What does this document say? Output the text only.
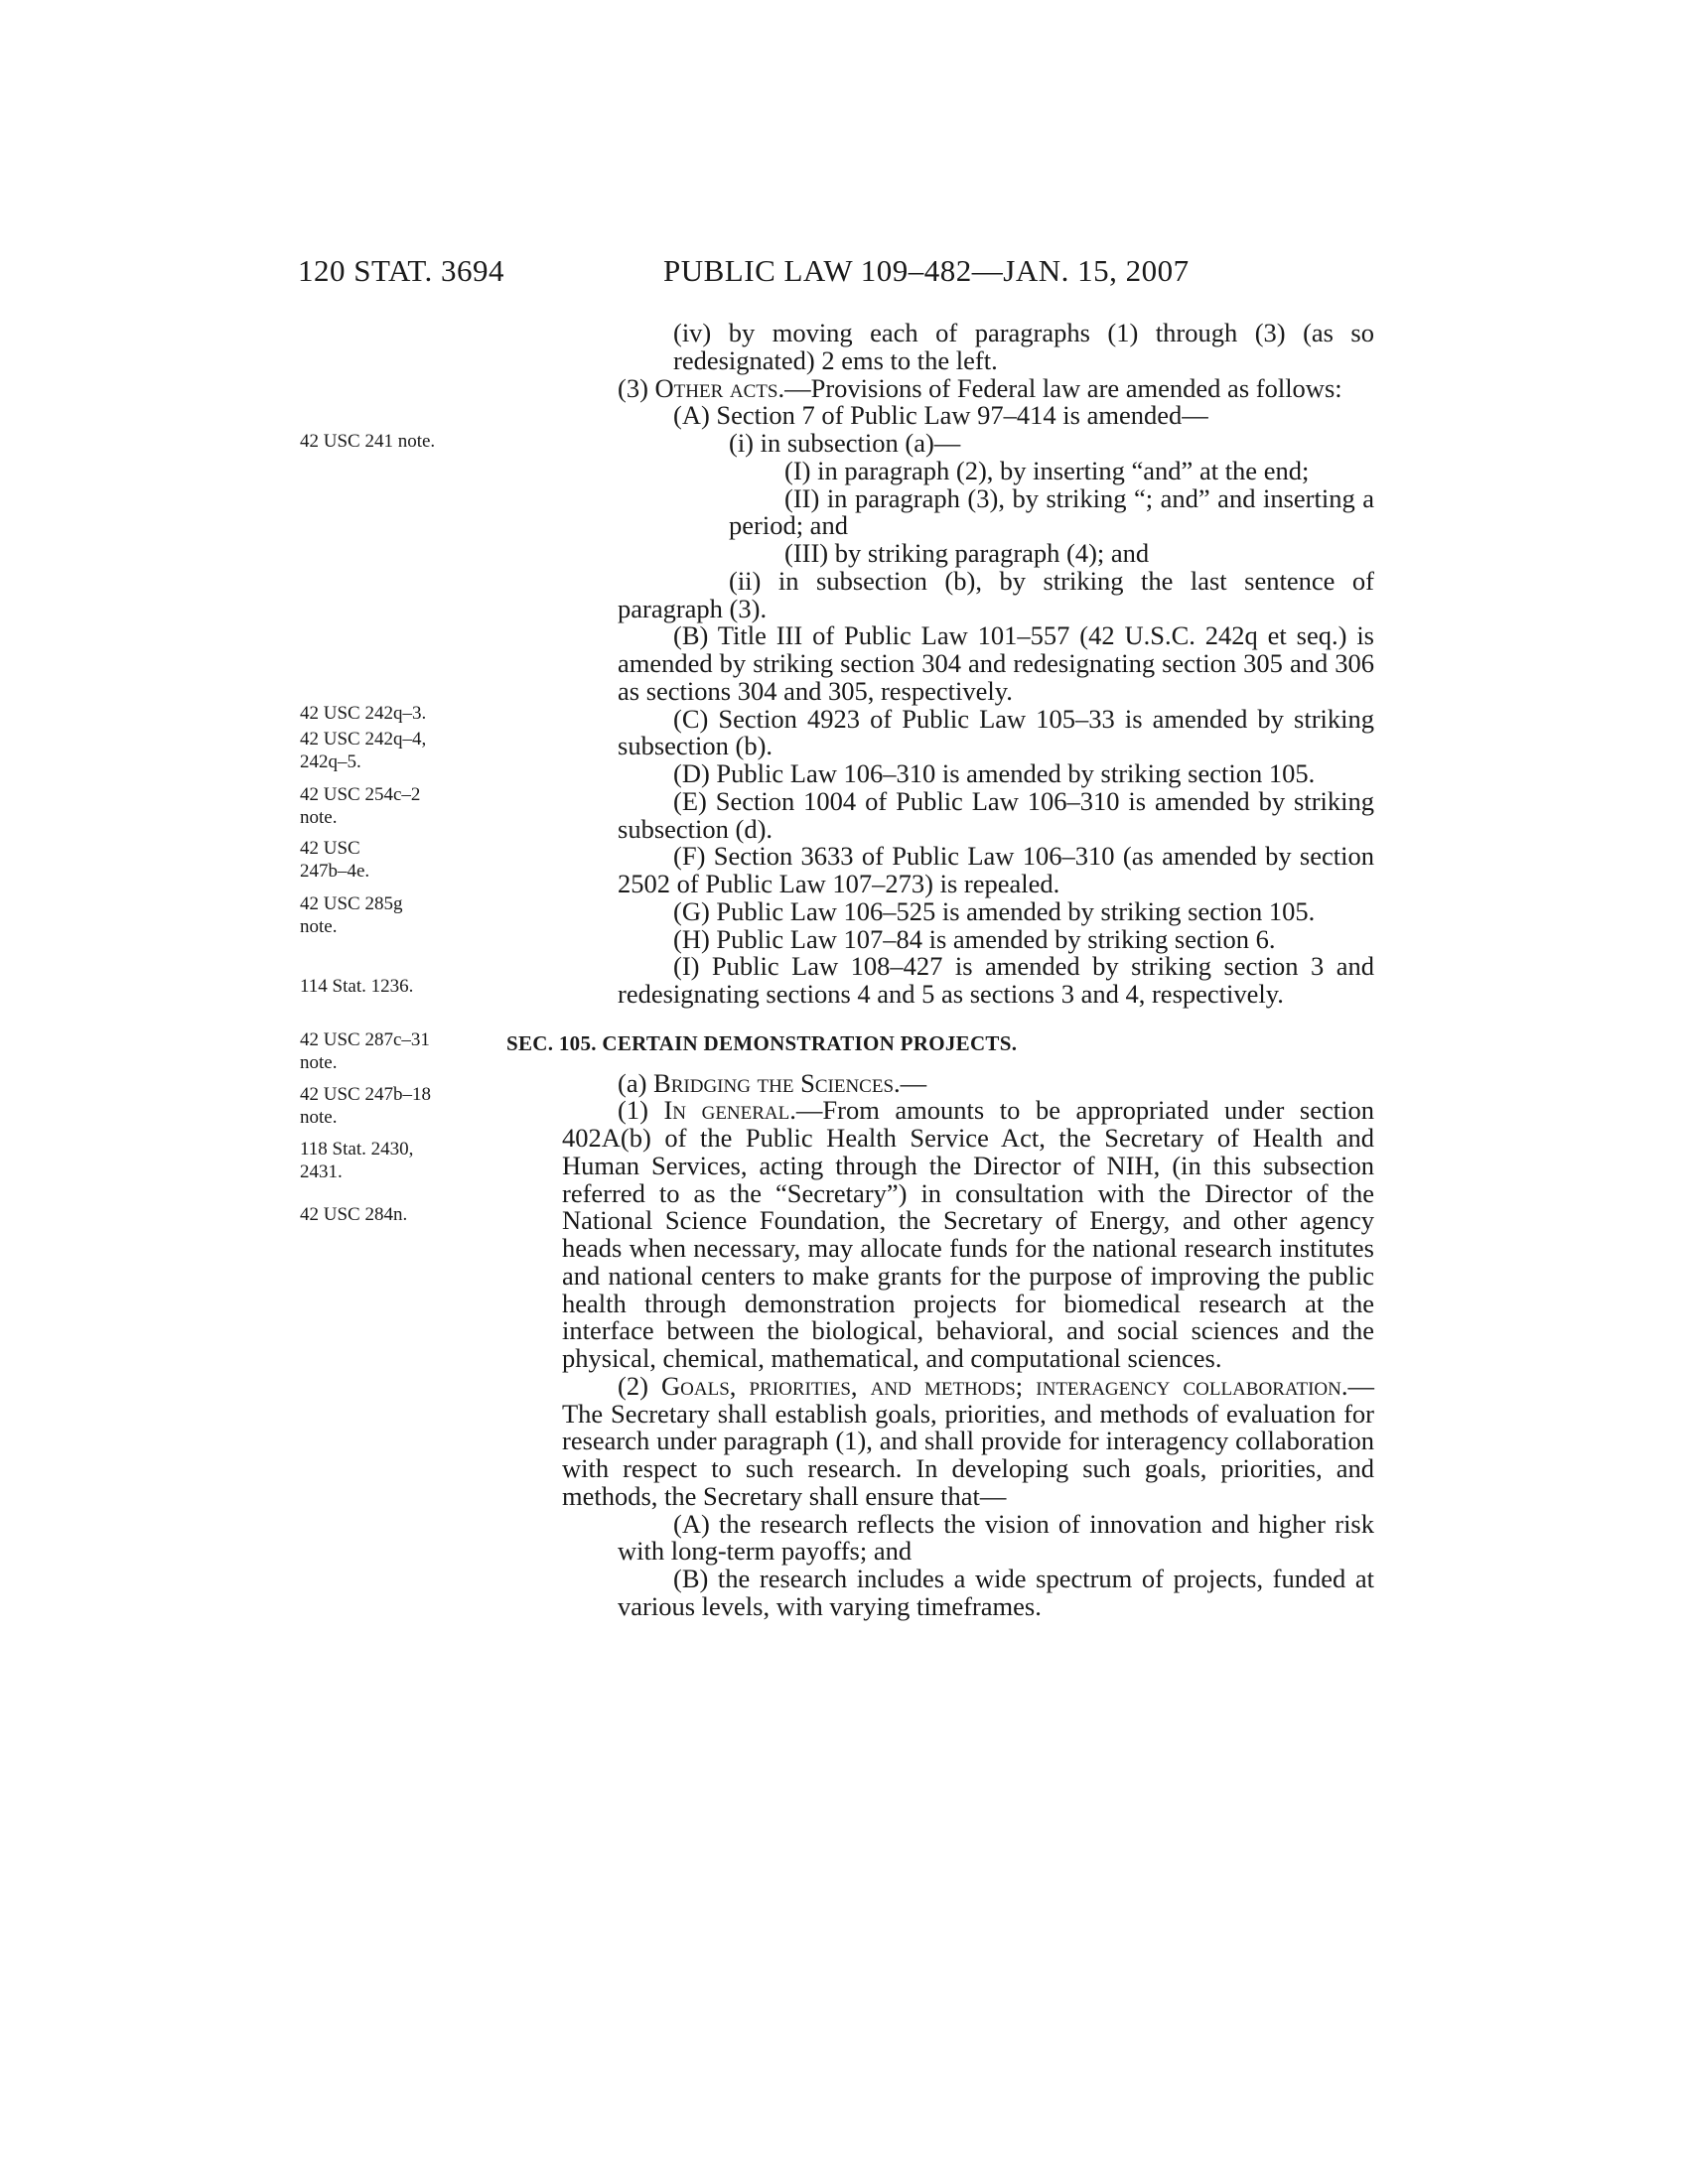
120 STAT. 3694	PUBLIC LAW 109–482—JAN. 15, 2007
42 USC 241 note.
42 USC 242q–3.
42 USC 242q–4,
242q–5.
42 USC 254c–2
note.
42 USC
247b–4e.
42 USC 285g
note.
114 Stat. 1236.
42 USC 287c–31
note.
42 USC 247b–18
note.
118 Stat. 2430,
2431.
42 USC 284n.

(iv) by moving each of paragraphs (1) through (3) (as so redesignated) 2 ems to the left.

(3) Other acts.—Provisions of Federal law are amended as follows:

(A) Section 7 of Public Law 97–414 is amended—

(i) in subsection (a)—

(I) in paragraph (2), by inserting “and” at the end;

(II) in paragraph (3), by striking “; and” and inserting a period; and

(III) by striking paragraph (4); and

(ii) in subsection (b), by striking the last sentence of paragraph (3).

(B) Title III of Public Law 101–557 (42 U.S.C. 242q et seq.) is amended by striking section 304 and redesignating section 305 and 306 as sections 304 and 305, respectively.

(C) Section 4923 of Public Law 105–33 is amended by striking subsection (b).

(D) Public Law 106–310 is amended by striking section 105.

(E) Section 1004 of Public Law 106–310 is amended by striking subsection (d).

(F) Section 3633 of Public Law 106–310 (as amended by section 2502 of Public Law 107–273) is repealed.

(G) Public Law 106–525 is amended by striking section 105.

(H) Public Law 107–84 is amended by striking section 6.

(I) Public Law 108–427 is amended by striking section 3 and redesignating sections 4 and 5 as sections 3 and 4, respectively.

SEC. 105. CERTAIN DEMONSTRATION PROJECTS.

(a) Bridging the Sciences.—

(1) In general.—From amounts to be appropriated under section 402A(b) of the Public Health Service Act, the Secretary of Health and Human Services, acting through the Director of NIH, (in this subsection referred to as the “Secretary”) in consultation with the Director of the National Science Foundation, the Secretary of Energy, and other agency heads when necessary, may allocate funds for the national research institutes and national centers to make grants for the purpose of improving the public health through demonstration projects for biomedical research at the interface between the biological, behavioral, and social sciences and the physical, chemical, mathematical, and computational sciences.

(2) Goals, priorities, and methods; interagency collaboration.—The Secretary shall establish goals, priorities, and methods of evaluation for research under paragraph (1), and shall provide for interagency collaboration with respect to such research. In developing such goals, priorities, and methods, the Secretary shall ensure that—

(A) the research reflects the vision of innovation and higher risk with long-term payoffs; and

(B) the research includes a wide spectrum of projects, funded at various levels, with varying timeframes.
